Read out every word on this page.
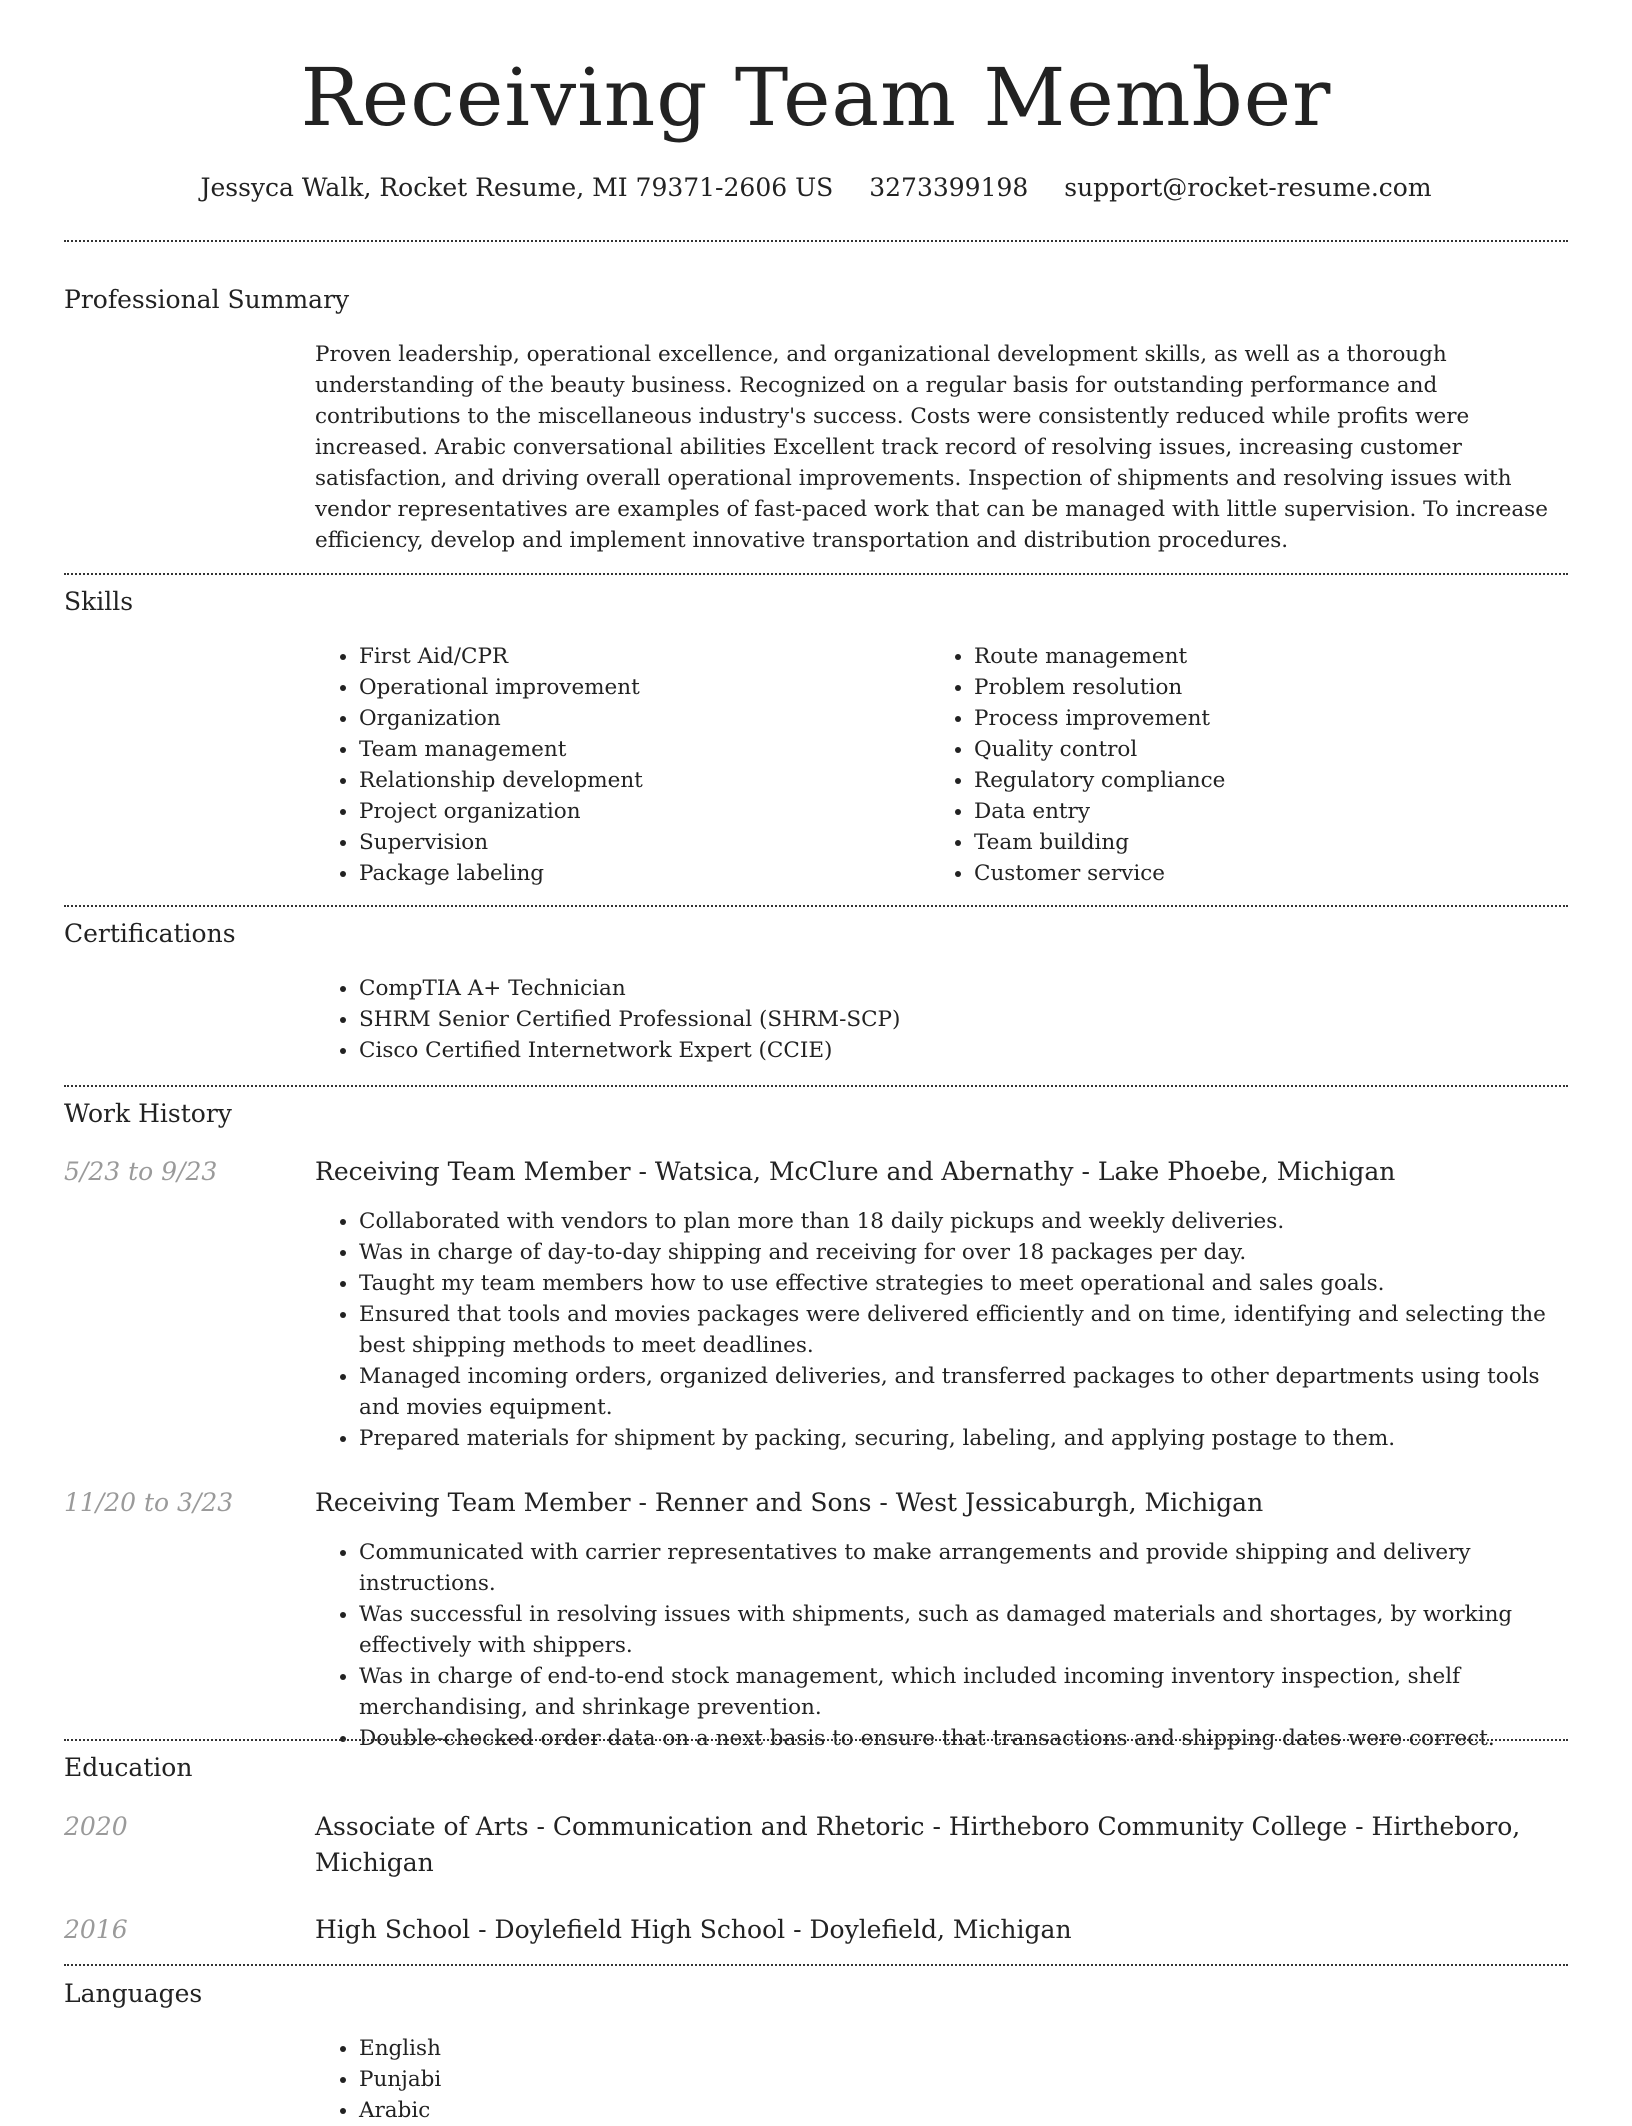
Receiving Team Member
Jessyca Walk, Rocket Resume, MI 79371-2606 US 3273399198 support@rocket-resume.com
Professional Summary

Proven leadership, operational excellence, and organizational development skills, as well as a thorough understanding of the beauty business. Recognized on a regular basis for outstanding performance and contributions to the miscellaneous industry's success. Costs were consistently reduced while profits were increased. Arabic conversational abilities Excellent track record of resolving issues, increasing customer satisfaction, and driving overall operational improvements. Inspection of shipments and resolving issues with vendor representatives are examples of fast-paced work that can be managed with little supervision. To increase efficiency, develop and implement innovative transportation and distribution procedures.

Skills
• First Aid/CPR
• Operational improvement
• Organization
• Team management
• Relationship development
• Project organization
• Supervision
• Package labeling
• Route management
• Problem resolution
• Process improvement
• Quality control
• Regulatory compliance
• Data entry
• Team building
• Customer service
Certifications
• CompTIA A+ Technician
• SHRM Senior Certified Professional (SHRM-SCP)
• Cisco Certified Internetwork Expert (CCIE)
Work History
5/23 to 9/23	Receiving Team Member - Watsica, McClure and Abernathy - Lake Phoebe, Michigan
• Collaborated with vendors to plan more than 18 daily pickups and weekly deliveries.
• Was in charge of day-to-day shipping and receiving for over 18 packages per day.
• Taught my team members how to use effective strategies to meet operational and sales goals.
• Ensured that tools and movies packages were delivered efficiently and on time, identifying and selecting the best shipping methods to meet deadlines.
• Managed incoming orders, organized deliveries, and transferred packages to other departments using tools and movies equipment.
• Prepared materials for shipment by packing, securing, labeling, and applying postage to them.
11/20 to 3/23	Receiving Team Member - Renner and Sons - West Jessicaburgh, Michigan
• Communicated with carrier representatives to make arrangements and provide shipping and delivery instructions.
• Was successful in resolving issues with shipments, such as damaged materials and shortages, by working effectively with shippers.
• Was in charge of end-to-end stock management, which included incoming inventory inspection, shelf merchandising, and shrinkage prevention.
• Double-checked order data on a next basis to ensure that transactions and shipping dates were correct.
Education
2020	Associate of Arts - Communication and Rhetoric - Hirtheboro Community College - Hirtheboro, Michigan
2016	High School - Doylefield High School - Doylefield, Michigan
Languages
• English
• Punjabi
• Arabic
